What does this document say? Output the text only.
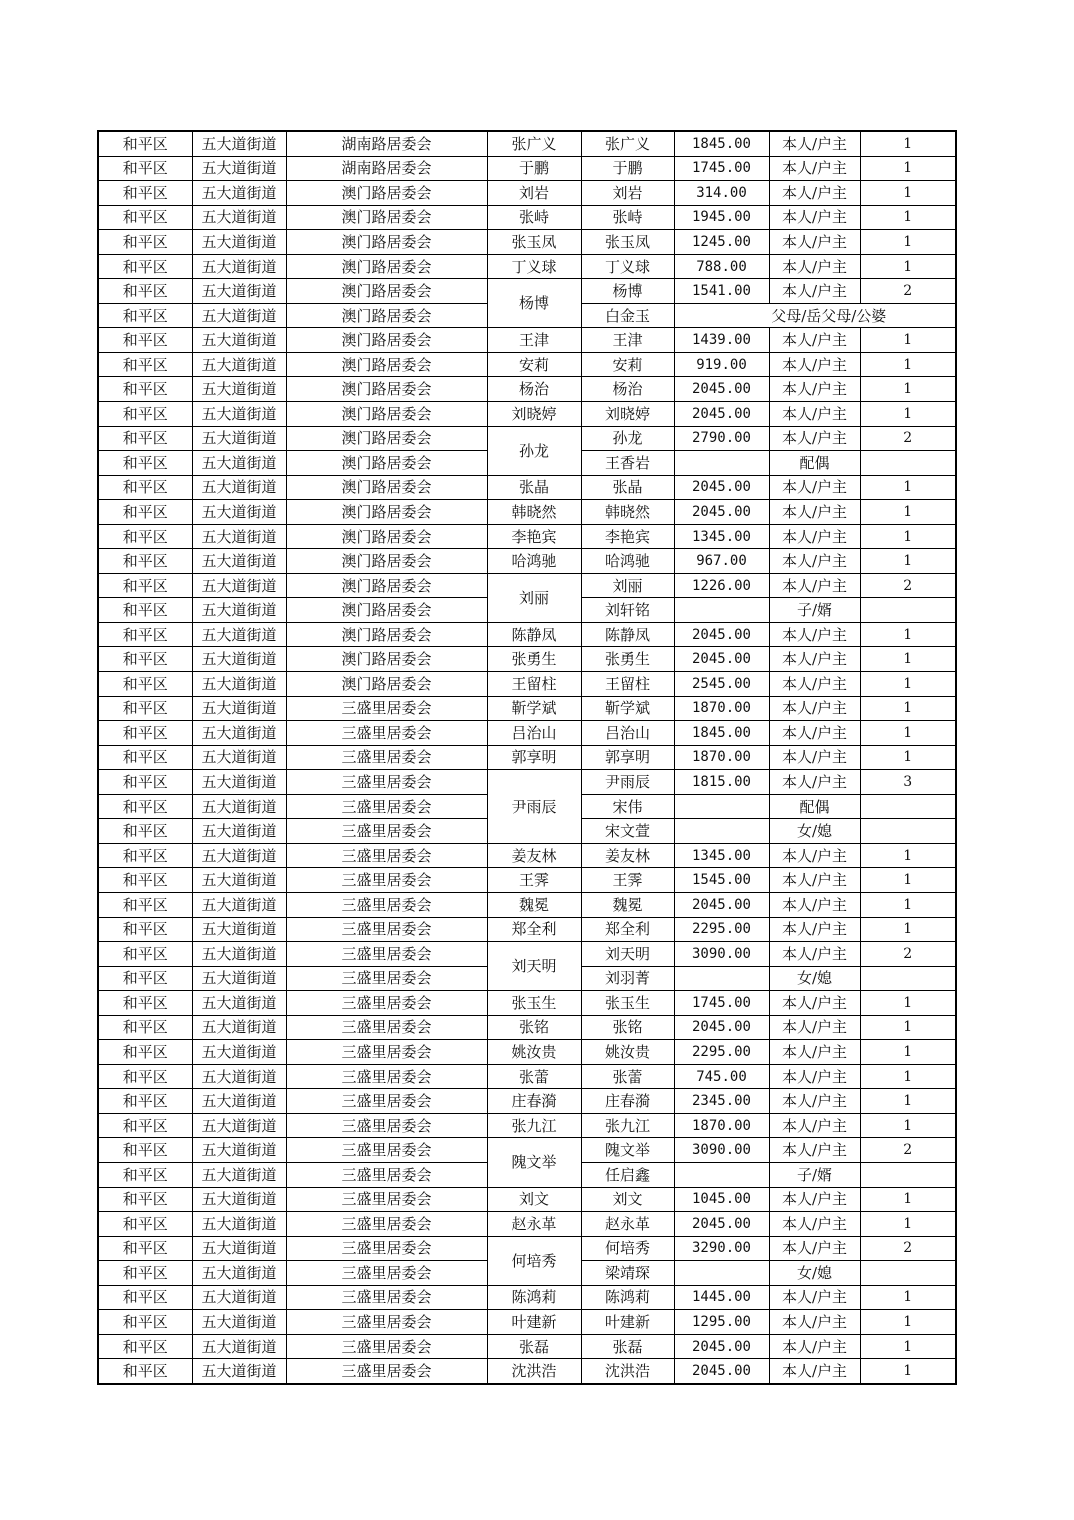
和平区	五大道街道	湖南路居委会	张广义	张广义	1845.00	本人/户主	1
和平区	五大道街道	湖南路居委会	于鹏	于鹏	1745.00	本人/户主	1
和平区	五大道街道	澳门路居委会	刘岩	刘岩	314.00	本人/户主	1
和平区	五大道街道	澳门路居委会	张峙	张峙	1945.00	本人/户主	1
和平区	五大道街道	澳门路居委会	张玉凤	张玉凤	1245.00	本人/户主	1
和平区	五大道街道	澳门路居委会	丁义球	丁义球	788.00	本人/户主	1
和平区	五大道街道	澳门路居委会	杨博	杨博	1541.00	本人/户主	2
和平区	五大道街道	澳门路居委会		白金玉	父母/岳父母/公婆		
和平区	五大道街道	澳门路居委会	王津	王津	1439.00	本人/户主	1
和平区	五大道街道	澳门路居委会	安莉	安莉	919.00	本人/户主	1
和平区	五大道街道	澳门路居委会	杨治	杨治	2045.00	本人/户主	1
和平区	五大道街道	澳门路居委会	刘晓婷	刘晓婷	2045.00	本人/户主	1
和平区	五大道街道	澳门路居委会	孙龙	孙龙	2790.00	本人/户主	2
和平区	五大道街道	澳门路居委会		王香岩		配偶	
和平区	五大道街道	澳门路居委会	张晶	张晶	2045.00	本人/户主	1
和平区	五大道街道	澳门路居委会	韩晓然	韩晓然	2045.00	本人/户主	1
和平区	五大道街道	澳门路居委会	李艳宾	李艳宾	1345.00	本人/户主	1
和平区	五大道街道	澳门路居委会	哈鸿驰	哈鸿驰	967.00	本人/户主	1
和平区	五大道街道	澳门路居委会	刘丽	刘丽	1226.00	本人/户主	2
和平区	五大道街道	澳门路居委会		刘轩铭		子/婿	
和平区	五大道街道	澳门路居委会	陈静凤	陈静凤	2045.00	本人/户主	1
和平区	五大道街道	澳门路居委会	张勇生	张勇生	2045.00	本人/户主	1
和平区	五大道街道	澳门路居委会	王留柱	王留柱	2545.00	本人/户主	1
和平区	五大道街道	三盛里居委会	靳学斌	靳学斌	1870.00	本人/户主	1
和平区	五大道街道	三盛里居委会	吕治山	吕治山	1845.00	本人/户主	1
和平区	五大道街道	三盛里居委会	郭享明	郭享明	1870.00	本人/户主	1
和平区	五大道街道	三盛里居委会	尹雨辰	尹雨辰	1815.00	本人/户主	3
和平区	五大道街道	三盛里居委会		宋伟		配偶	
和平区	五大道街道	三盛里居委会		宋文萱		女/媳	
和平区	五大道街道	三盛里居委会	姜友林	姜友林	1345.00	本人/户主	1
和平区	五大道街道	三盛里居委会	王霁	王霁	1545.00	本人/户主	1
和平区	五大道街道	三盛里居委会	魏冕	魏冕	2045.00	本人/户主	1
和平区	五大道街道	三盛里居委会	郑全利	郑全利	2295.00	本人/户主	1
和平区	五大道街道	三盛里居委会	刘天明	刘天明	3090.00	本人/户主	2
和平区	五大道街道	三盛里居委会		刘羽菁		女/媳	
和平区	五大道街道	三盛里居委会	张玉生	张玉生	1745.00	本人/户主	1
和平区	五大道街道	三盛里居委会	张铭	张铭	2045.00	本人/户主	1
和平区	五大道街道	三盛里居委会	姚汝贵	姚汝贵	2295.00	本人/户主	1
和平区	五大道街道	三盛里居委会	张蕾	张蕾	745.00	本人/户主	1
和平区	五大道街道	三盛里居委会	庄春漪	庄春漪	2345.00	本人/户主	1
和平区	五大道街道	三盛里居委会	张九江	张九江	1870.00	本人/户主	1
和平区	五大道街道	三盛里居委会	隗文举	隗文举	3090.00	本人/户主	2
和平区	五大道街道	三盛里居委会		任启鑫		子/婿	
和平区	五大道街道	三盛里居委会	刘文	刘文	1045.00	本人/户主	1
和平区	五大道街道	三盛里居委会	赵永革	赵永革	2045.00	本人/户主	1
和平区	五大道街道	三盛里居委会	何培秀	何培秀	3290.00	本人/户主	2
和平区	五大道街道	三盛里居委会		梁靖琛		女/媳	
和平区	五大道街道	三盛里居委会	陈鸿莉	陈鸿莉	1445.00	本人/户主	1
和平区	五大道街道	三盛里居委会	叶建新	叶建新	1295.00	本人/户主	1
和平区	五大道街道	三盛里居委会	张磊	张磊	2045.00	本人/户主	1
和平区	五大道街道	三盛里居委会	沈洪浩	沈洪浩	2045.00	本人/户主	1
